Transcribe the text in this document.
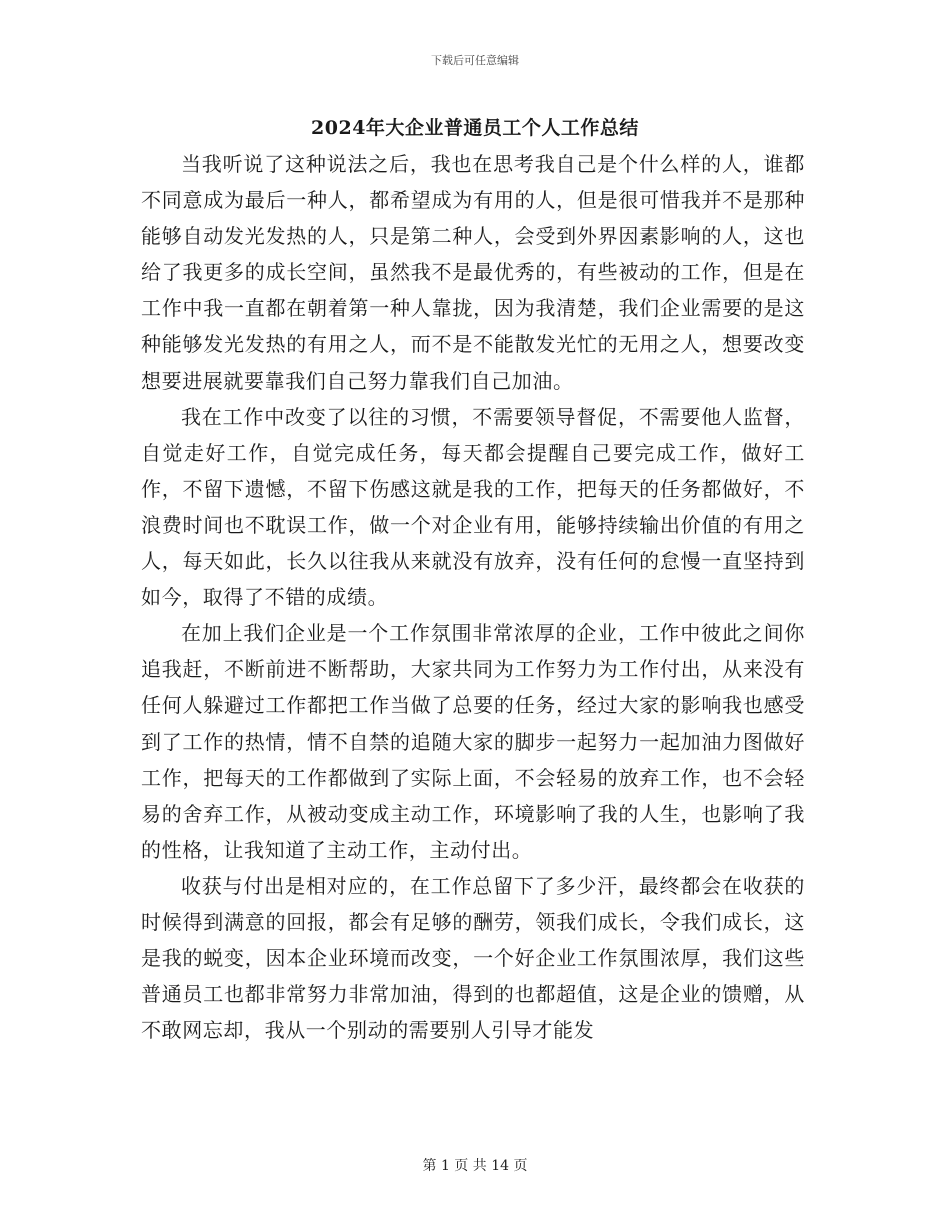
下载后可任意编辑
2024年大企业普通员工个人工作总结

当我听说了这种说法之后，我也在思考我自己是个什么样的人，谁都不同意成为最后一种人，都希望成为有用的人，但是很可惜我并不是那种能够自动发光发热的人，只是第二种人，会受到外界因素影响的人，这也给了我更多的成长空间，虽然我不是最优秀的，有些被动的工作，但是在工作中我一直都在朝着第一种人靠拢，因为我清楚，我们企业需要的是这种能够发光发热的有用之人，而不是不能散发光忙的无用之人，想要改变想要进展就要靠我们自己努力靠我们自己加油。

我在工作中改变了以往的习惯，不需要领导督促，不需要他人监督，自觉走好工作，自觉完成任务，每天都会提醒自己要完成工作，做好工作，不留下遗憾，不留下伤感这就是我的工作，把每天的任务都做好，不浪费时间也不耽误工作，做一个对企业有用，能够持续输出价值的有用之人，每天如此，长久以往我从来就没有放弃，没有任何的怠慢一直坚持到如今，取得了不错的成绩。

在加上我们企业是一个工作氛围非常浓厚的企业，工作中彼此之间你追我赶，不断前进不断帮助，大家共同为工作努力为工作付出，从来没有任何人躲避过工作都把工作当做了总要的任务，经过大家的影响我也感受到了工作的热情，情不自禁的追随大家的脚步一起努力一起加油力图做好工作，把每天的工作都做到了实际上面，不会轻易的放弃工作，也不会轻易的舍弃工作，从被动变成主动工作，环境影响了我的人生，也影响了我的性格，让我知道了主动工作，主动付出。

收获与付出是相对应的，在工作总留下了多少汗，最终都会在收获的时候得到满意的回报，都会有足够的酬劳，领我们成长，令我们成长，这是我的蜕变，因本企业环境而改变，一个好企业工作氛围浓厚，我们这些普通员工也都非常努力非常加油，得到的也都超值，这是企业的馈赠，从不敢网忘却，我从一个别动的需要别人引导才能发

第 1 页 共 14 页
